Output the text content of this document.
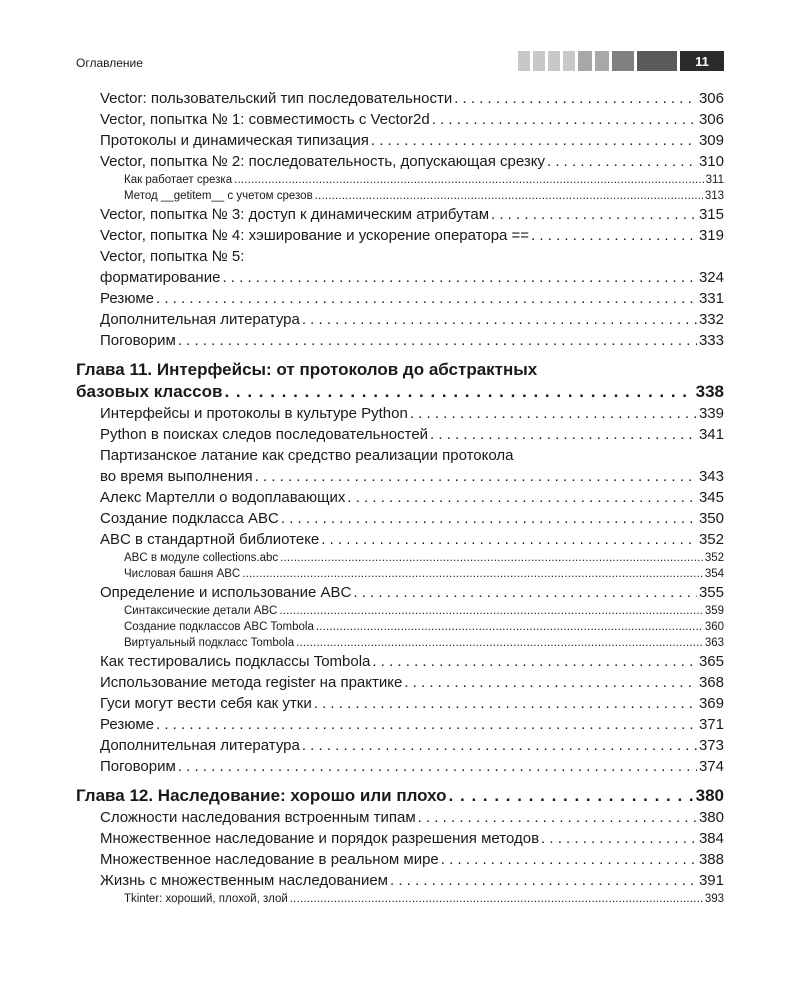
Оглавление	11
Vector: пользовательский тип последовательности . . .	306
Vector, попытка № 1: совместимость с Vector2d . . .	306
Протоколы и динамическая типизация . . .	309
Vector, попытка № 2: последовательность, допускающая срезку . . .	310
Как работает срезка . . .	311
Метод __getitem__ с учетом срезов . . .	313
Vector, попытка № 3: доступ к динамическим атрибутам . . .	315
Vector, попытка № 4: хэширование и ускорение оператора == . . .	319
Vector, попытка № 5:
форматирование . . .	324
Резюме . . .	331
Дополнительная литература . . .	332
Поговорим . . .	333
Глава 11. Интерфейсы: от протоколов до абстрактных
базовых классов . . .	338
Интерфейсы и протоколы в культуре Python . . .	339
Python в поисках следов последовательностей . . .	341
Партизанское латание как средство реализации протокола
во время выполнения . . .	343
Алекс Мартелли о водоплавающих . . .	345
Создание подкласса ABC . . .	350
ABC в стандартной библиотеке . . .	352
ABC в модуле collections.abc . . .	352
Числовая башня ABC . . .	354
Определение и использование ABC . . .	355
Синтаксические детали ABC . . .	359
Создание подклассов ABC Tombola . . .	360
Виртуальный подкласс Tombola . . .	363
Как тестировались подклассы Tombola . . .	365
Использование метода register на практике . . .	368
Гуси могут вести себя как утки . . .	369
Резюме . . .	371
Дополнительная литература . . .	373
Поговорим . . .	374
Глава 12. Наследование: хорошо или плохо . . .	380
Сложности наследования встроенным типам . . .	380
Множественное наследование и порядок разрешения методов . . .	384
Множественное наследование в реальном мире . . .	388
Жизнь с множественным наследованием . . .	391
Tkinter: хороший, плохой, злой . . .	393
